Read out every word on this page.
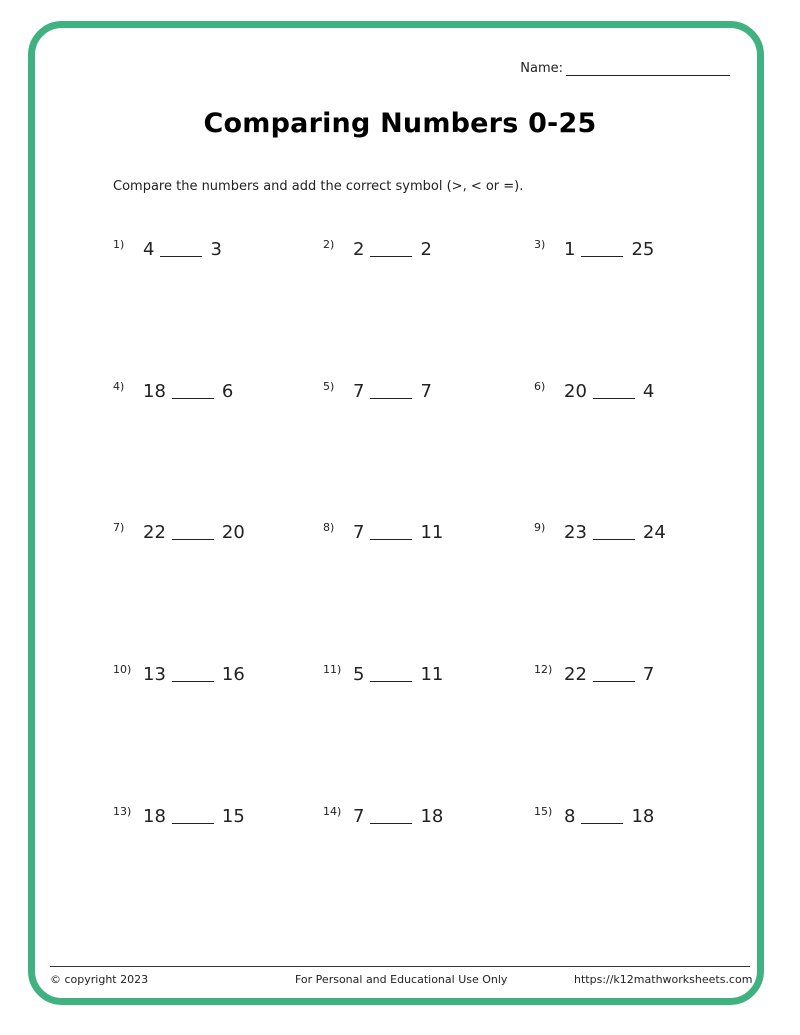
Name:
Comparing Numbers 0-25
Compare the numbers and add the correct symbol (>, < or =).
1)	4	3	2)	2	2	3)	1	25
4)	18	6	5)	7	7	6)	20	4
7)	22	20	8)	7	11	9)	23	24
10) 13	16	11) 5	11	12) 22	7
13) 18	15	14) 7	18	15) 8	18
© copyright 2023	For Personal and Educational Use Only	https://k12mathworksheets.com
